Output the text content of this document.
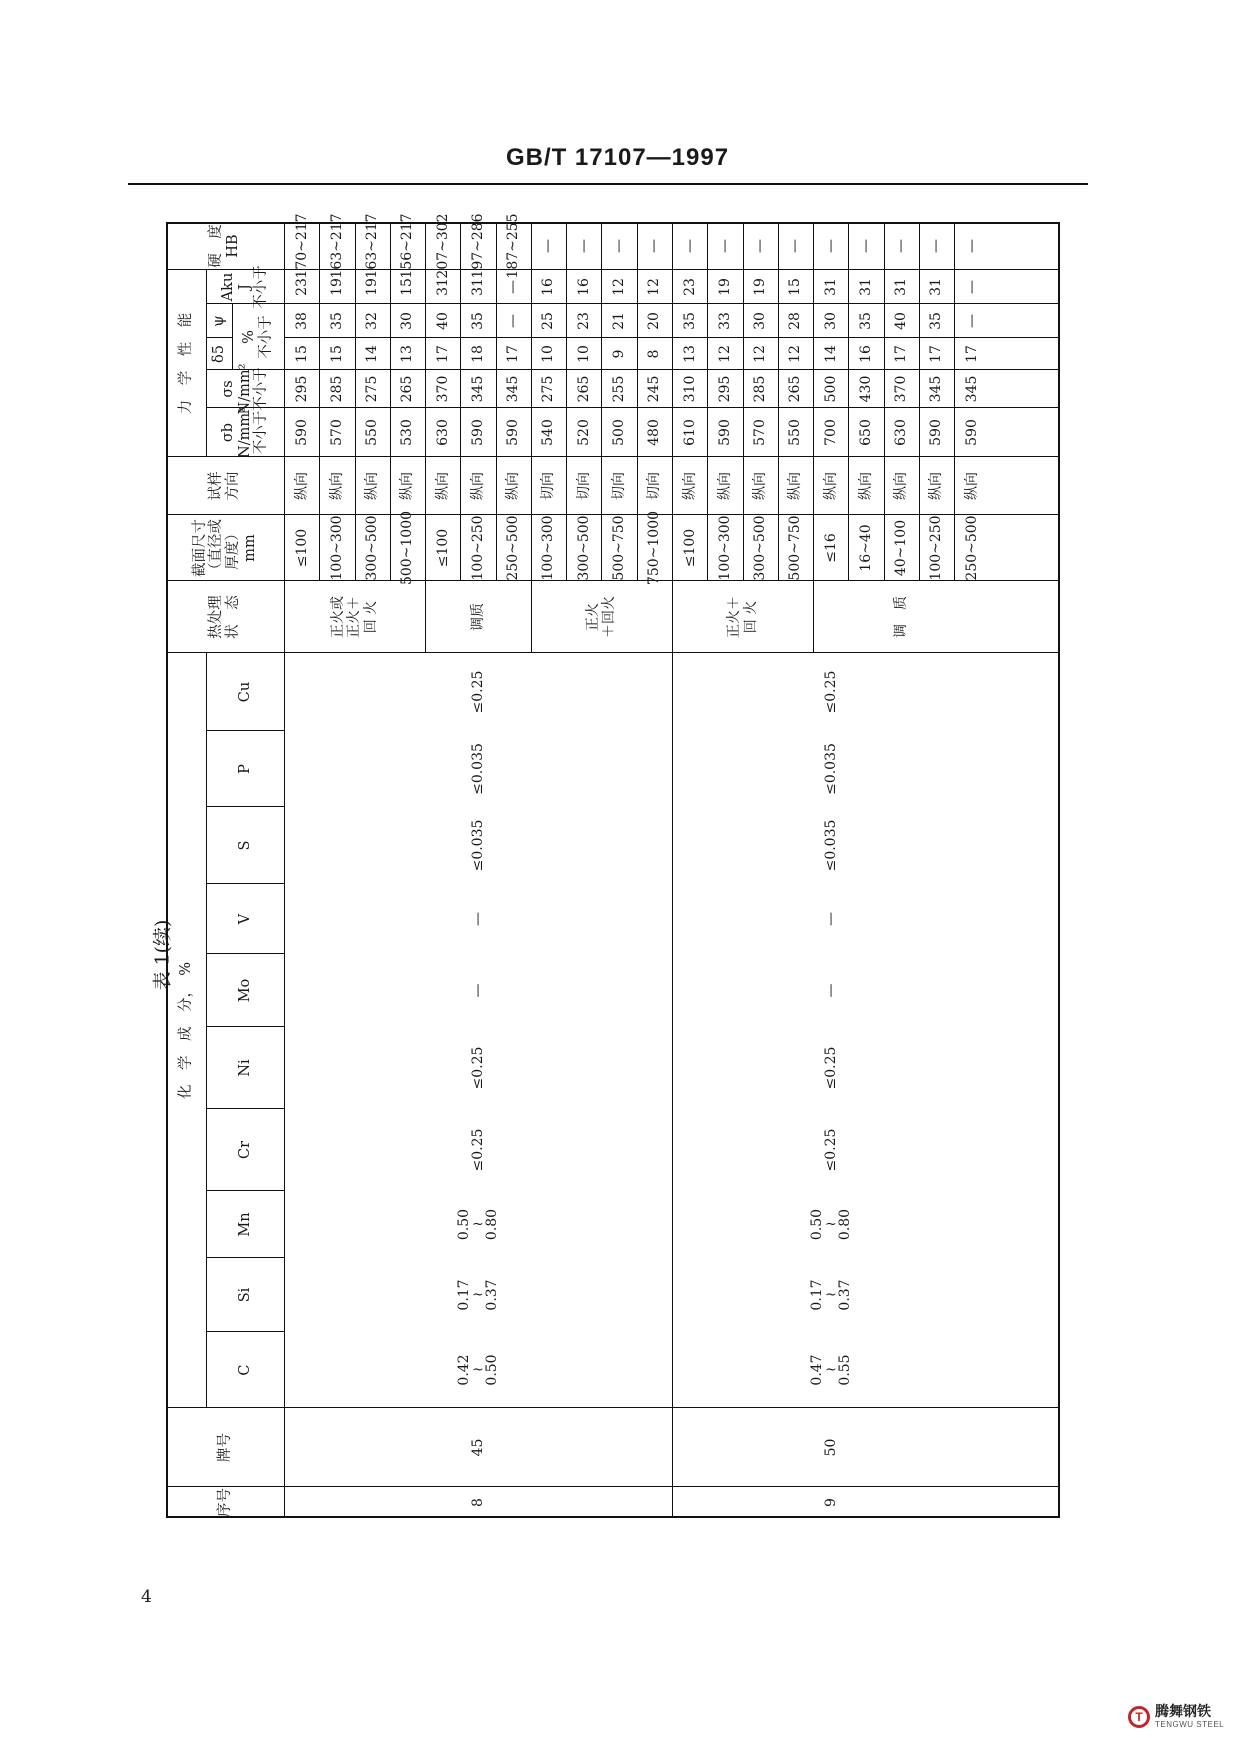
GB/T 17107—1997
表 1(续)
4
T 腾舞钢铁
TENGWU STEEL
序号
牌号
化　学　成　分，　%
C
Si
Mn
Cr
Ni
Mo
V
S
P
Cu
热处理 状　态
截面尺寸 （直径或 厚度） mm
试样 方向
力　学　性　能
σb N/mm² 不小于
σs N/mm² 不小于
δ5
ψ
% 不小于
Aku J 不小于
硬　度 HB
8
45
0.42 ~ 0.50
0.17 ~ 0.37
0.50 ~ 0.80
≤0.25
≤0.25
—
—
≤0.035
≤0.035
≤0.25
正火或 正火＋ 回 火
≤100
纵向
590
295
15
38
23
170~217
100~300
纵向
570
285
15
35
19
163~217
300~500
纵向
550
275
14
32
19
163~217
500~1000
纵向
530
265
13
30
15
156~217
调质
≤100
纵向
630
370
17
40
31
207~302
100~250
纵向
590
345
18
35
31
197~286
250~500
纵向
590
345
17
—
—
187~255
正火 ＋回火
100~300
切向
540
275
10
25
16
—
300~500
切向
520
265
10
23
16
—
500~750
切向
500
255
9
21
12
—
750~1000
切向
480
245
8
20
12
—
9
50
0.47 ~ 0.55
0.17 ~ 0.37
0.50 ~ 0.80
≤0.25
≤0.25
—
—
≤0.035
≤0.035
≤0.25
正火＋ 回 火
≤100
纵向
610
310
13
35
23
—
100~300
纵向
590
295
12
33
19
—
300~500
纵向
570
285
12
30
19
—
500~750
纵向
550
265
12
28
15
—
调　质
≤16
纵向
700
500
14
30
31
—
16~40
纵向
650
430
16
35
31
—
40~100
纵向
630
370
17
40
31
—
100~250
纵向
590
345
17
35
31
—
250~500
纵向
590
345
17
—
—
—
